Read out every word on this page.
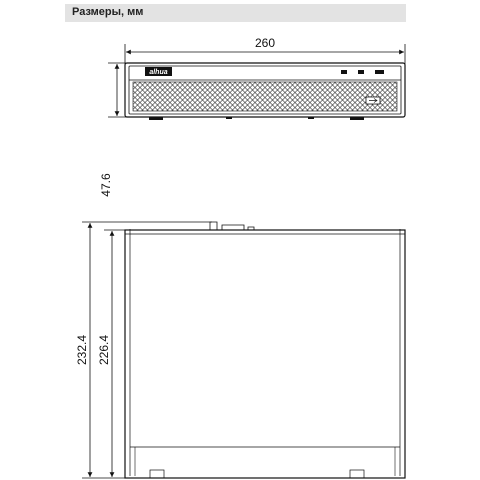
Размеры, мм
260
47.6
alhua
232.4 226.4
